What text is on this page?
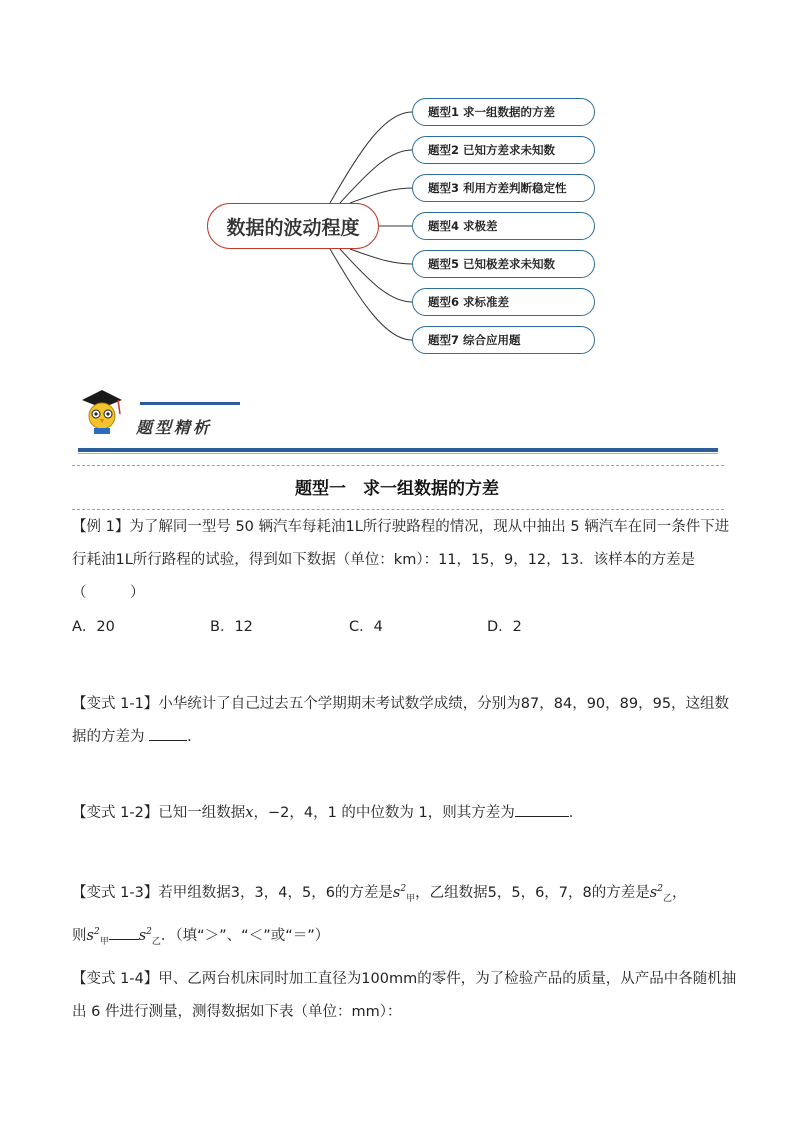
数据的波动程度
题型1 求一组数据的方差
题型2 已知方差求未知数
题型3 利用方差判断稳定性
题型4 求极差
题型5 已知极差求未知数
题型6 求标准差
题型7 综合应用题
题型精析
题型一　求一组数据的方差
【例 1】为了解同一型号 50 辆汽车每耗油1L所行驶路程的情况，现从中抽出 5 辆汽车在同一条件下进行耗油1L所行路程的试验，得到如下数据（单位：km）：11，15，9，12，13．该样本的方差是（　　　）
A．20	B．12	C．4	D．2
【变式 1-1】小华统计了自己过去五个学期期末考试数学成绩，分别为87，84，90，89，95，这组数据的方差为	．
【变式 1-2】已知一组数据x，−2，4，1 的中位数为 1，则其方差为	．
【变式 1-3】若甲组数据3，3，4，5，6的方差是$s^2_甲$，乙组数据5，5，6，7，8的方差是$s^2_乙$，
则$s^2_甲$ $s^2_乙$．（填“＞”、“＜”或“＝”）
【变式 1-4】甲、乙两台机床同时加工直径为100mm的零件，为了检验产品的质量，从产品中各随机抽出 6 件进行测量，测得数据如下表（单位：mm）：
